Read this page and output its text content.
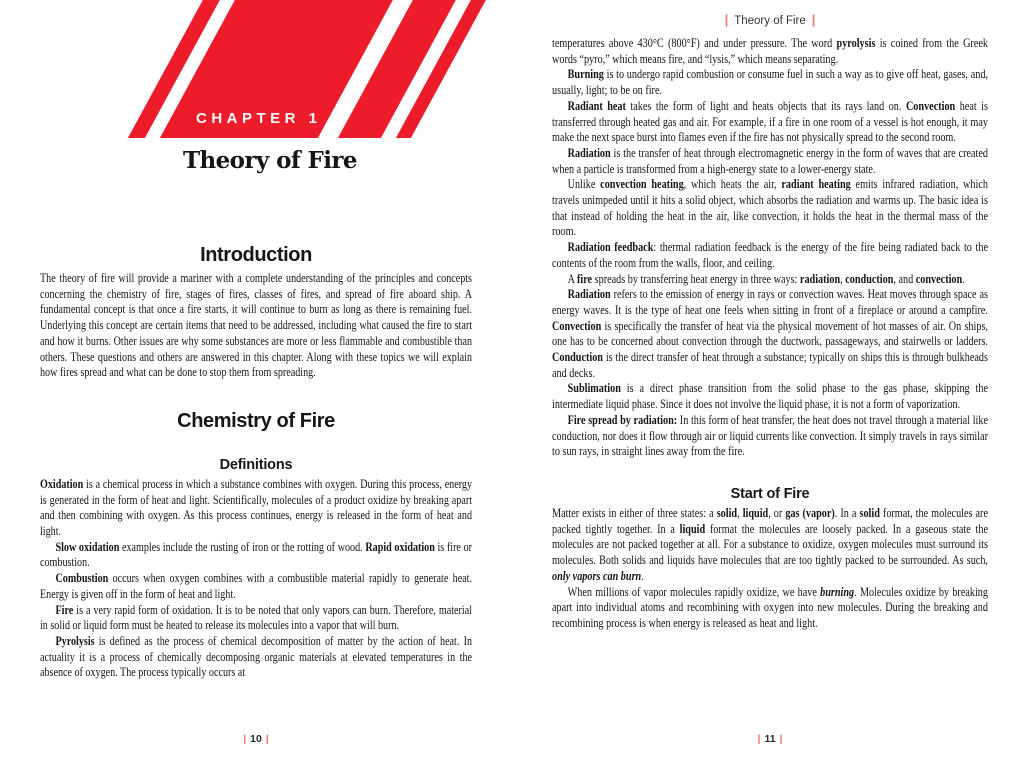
CHAPTER 1
Theory of Fire
Introduction

The theory of fire will provide a mariner with a complete understanding of the principles and concepts concerning the chemistry of fire, stages of fires, classes of fires, and spread of fire aboard ship. A fundamental concept is that once a fire starts, it will continue to burn as long as there is remaining fuel. Underlying this concept are certain items that need to be addressed, including what caused the fire to start and how it burns. Other issues are why some substances are more or less flammable and combustible than others. These questions and others are answered in this chapter. Along with these topics we will explain how fires spread and what can be done to stop them from spreading.

Chemistry of Fire
Definitions

Oxidation is a chemical process in which a substance combines with oxygen. During this process, energy is generated in the form of heat and light. Scientifically, molecules of a product oxidize by breaking apart and then combining with oxygen. As this process continues, energy is released in the form of heat and light.

Slow oxidation examples include the rusting of iron or the rotting of wood. Rapid oxidation is fire or combustion.

Combustion occurs when oxygen combines with a combustible material rapidly to generate heat. Energy is given off in the form of heat and light.

Fire is a very rapid form of oxidation. It is to be noted that only vapors can burn. Therefore, material in solid or liquid form must be heated to release its molecules into a vapor that will burn.

Pyrolysis is defined as the process of chemical decomposition of matter by the action of heat. In actuality it is a process of chemically decomposing organic materials at elevated temperatures in the absence of oxygen. The process typically occurs at

| 10 |
| Theory of Fire |

temperatures above 430°C (800°F) and under pressure. The word pyrolysis is coined from the Greek words “pyro,” which means fire, and “lysis,” which means separating.

Burning is to undergo rapid combustion or consume fuel in such a way as to give off heat, gases, and, usually, light; to be on fire.

Radiant heat takes the form of light and heats objects that its rays land on. Convection heat is transferred through heated gas and air. For example, if a fire in one room of a vessel is hot enough, it may make the next space burst into flames even if the fire has not physically spread to the second room.

Radiation is the transfer of heat through electromagnetic energy in the form of waves that are created when a particle is transformed from a high-energy state to a lower-energy state.

Unlike convection heating, which heats the air, radiant heating emits infrared radiation, which travels unimpeded until it hits a solid object, which absorbs the radiation and warms up. The basic idea is that instead of holding the heat in the air, like convection, it holds the heat in the thermal mass of the room.

Radiation feedback: thermal radiation feedback is the energy of the fire being radiated back to the contents of the room from the walls, floor, and ceiling.

A fire spreads by transferring heat energy in three ways: radiation, conduction, and convection.

Radiation refers to the emission of energy in rays or convection waves. Heat moves through space as energy waves. It is the type of heat one feels when sitting in front of a fireplace or around a campfire. Convection is specifically the transfer of heat via the physical movement of hot masses of air. On ships, one has to be concerned about convection through the ductwork, passageways, and stairwells or ladders. Conduction is the direct transfer of heat through a substance; typically on ships this is through bulkheads and decks.

Sublimation is a direct phase transition from the solid phase to the gas phase, skipping the intermediate liquid phase. Since it does not involve the liquid phase, it is not a form of vaporization.

Fire spread by radiation: In this form of heat transfer, the heat does not travel through a material like conduction, nor does it flow through air or liquid currents like convection. It simply travels in rays similar to sun rays, in straight lines away from the fire.

Start of Fire

Matter exists in either of three states: a solid, liquid, or gas (vapor). In a solid format, the molecules are packed tightly together. In a liquid format the molecules are loosely packed. In a gaseous state the molecules are not packed together at all. For a substance to oxidize, oxygen molecules must surround its molecules. Both solids and liquids have molecules that are too tightly packed to be surrounded. As such, only vapors can burn.

When millions of vapor molecules rapidly oxidize, we have burning. Molecules oxidize by breaking apart into individual atoms and recombining with oxygen into new molecules. During the breaking and recombining process is when energy is released as heat and light.

| 11 |
